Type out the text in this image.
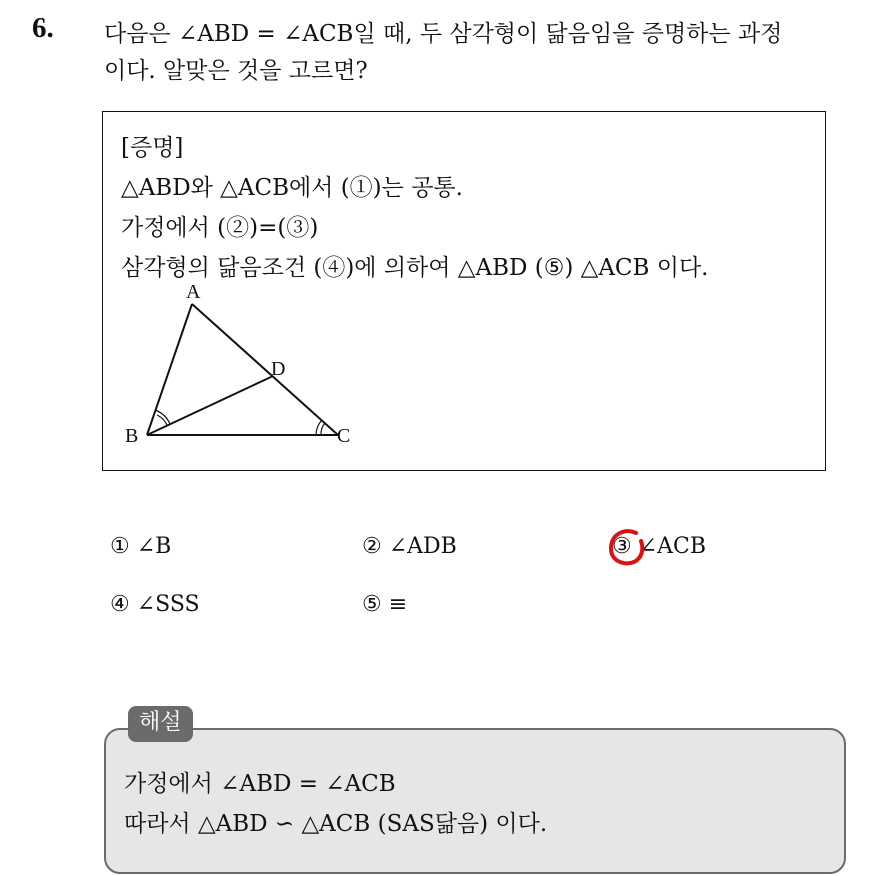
6. 다음은 ∠ABD = ∠ACB일 때, 두 삼각형이 닮음임을 증명하는 과정
이다. 알맞은 것을 고르면?
[증명]
△ABD와 △ACB에서 (①)는 공통.
가정에서 (②)=(③)
삼각형의 닮음조건 (④)에 의하여 △ABD (⑤) △ACB 이다.
A
B	C
D
① ∠B	② ∠ADB	③ ∠ACB
④ ∠SSS	⑤ ≡
해설
가정에서 ∠ABD = ∠ACB
따라서 △ABD ∽ △ACB (SAS닮음) 이다.
